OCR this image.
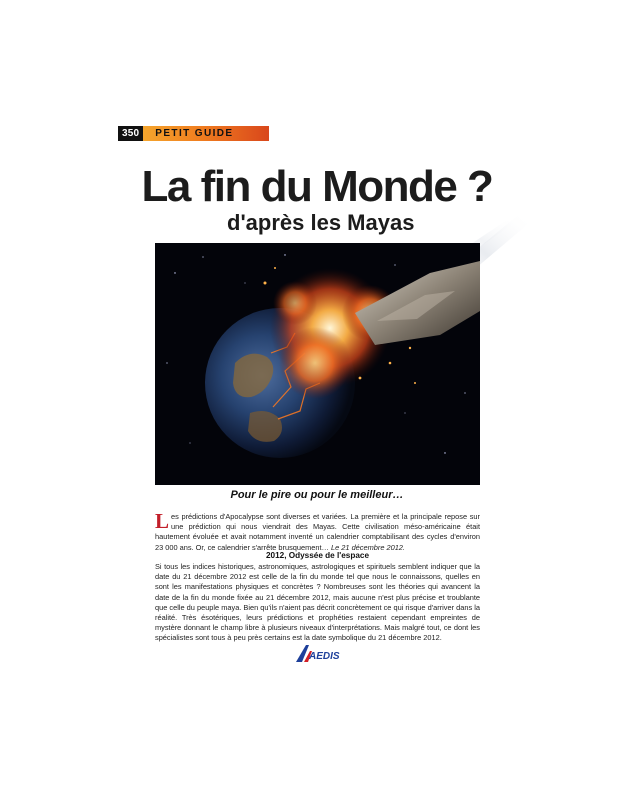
350	PETIT GUIDE
La fin du Monde ?
d'après les Mayas
Pour le pire ou pour le meilleur…
Les prédictions d'Apocalypse sont diverses et variées. La première et la principale repose sur une prédiction qui nous viendrait des Mayas. Cette civilisation méso-américaine était hautement évoluée et avait notamment inventé un calendrier comptabilisant des cycles d'environ 23 000 ans. Or, ce calendrier s'arrête brusquement… Le 21 décembre 2012.
2012, Odyssée de l'espace
Si tous les indices historiques, astronomiques, astrologiques et spirituels semblent indiquer que la date du 21 décembre 2012 est celle de la fin du monde tel que nous le connaissons, quelles en sont les manifestations physiques et concrètes ? Nombreuses sont les théories qui avancent la date de la fin du monde fixée au 21 décembre 2012, mais aucune n'est plus précise et troublante que celle du peuple maya. Bien qu'ils n'aient pas décrit concrètement ce qui risque d'arriver dans la réalité. Très ésotériques, leurs prédictions et prophéties restaient cependant empreintes de mystère donnant le champ libre à plusieurs niveaux d'interprétations. Mais malgré tout, ce dont les spécialistes sont tous à peu près certains est la date symbolique du 21 décembre 2012.
AEDIS
